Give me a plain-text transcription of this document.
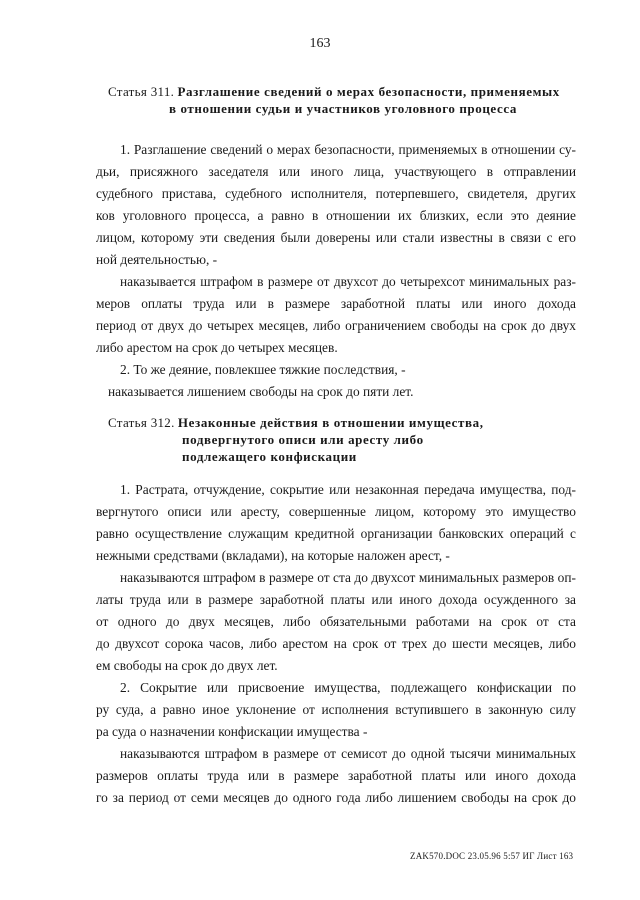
163
Статья 311. Разглашение сведений о мерах безопасности, применяемых
в отношении судьи и участников уголовного процесса
1. Разглашение сведений о мерах безопасности, применяемых в отношении су-
дьи, присяжного заседателя или иного лица, участвующего в отправлении
судебного пристава, судебного исполнителя, потерпевшего, свидетеля, других
ков уголовного процесса, а равно в отношении их близких, если это деяние
лицом, которому эти сведения были доверены или стали известны в связи с его
ной деятельностью, -
наказывается штрафом в размере от двухсот до четырехсот минимальных раз-
меров оплаты труда или в размере заработной платы или иного дохода
период от двух до четырех месяцев, либо ограничением свободы на срок до двух
либо арестом на срок до четырех месяцев.
2. То же деяние, повлекшее тяжкие последствия, -
наказывается лишением свободы на срок до пяти лет.
Статья 312. Незаконные действия в отношении имущества,
подвергнутого описи или аресту либо
подлежащего конфискации
1. Растрата, отчуждение, сокрытие или незаконная передача имущества, под-
вергнутого описи или аресту, совершенные лицом, которому это имущество
равно осуществление служащим кредитной организации банковских операций с
нежными средствами (вкладами), на которые наложен арест, -
наказываются штрафом в размере от ста до двухсот минимальных размеров оп-
латы труда или в размере заработной платы или иного дохода осужденного за
от одного до двух месяцев, либо обязательными работами на срок от ста
до двухсот сорока часов, либо арестом на срок от трех до шести месяцев, либо
ем свободы на срок до двух лет.
2. Сокрытие или присвоение имущества, подлежащего конфискации по
ру суда, а равно иное уклонение от исполнения вступившего в законную силу
ра суда о назначении конфискации имущества -
наказываются штрафом в размере от семисот до одной тысячи минимальных
размеров оплаты труда или в размере заработной платы или иного дохода
го за период от семи месяцев до одного года либо лишением свободы на срок до
ZAK570.DOC 23.05.96 5:57 ИГ Лист 163
